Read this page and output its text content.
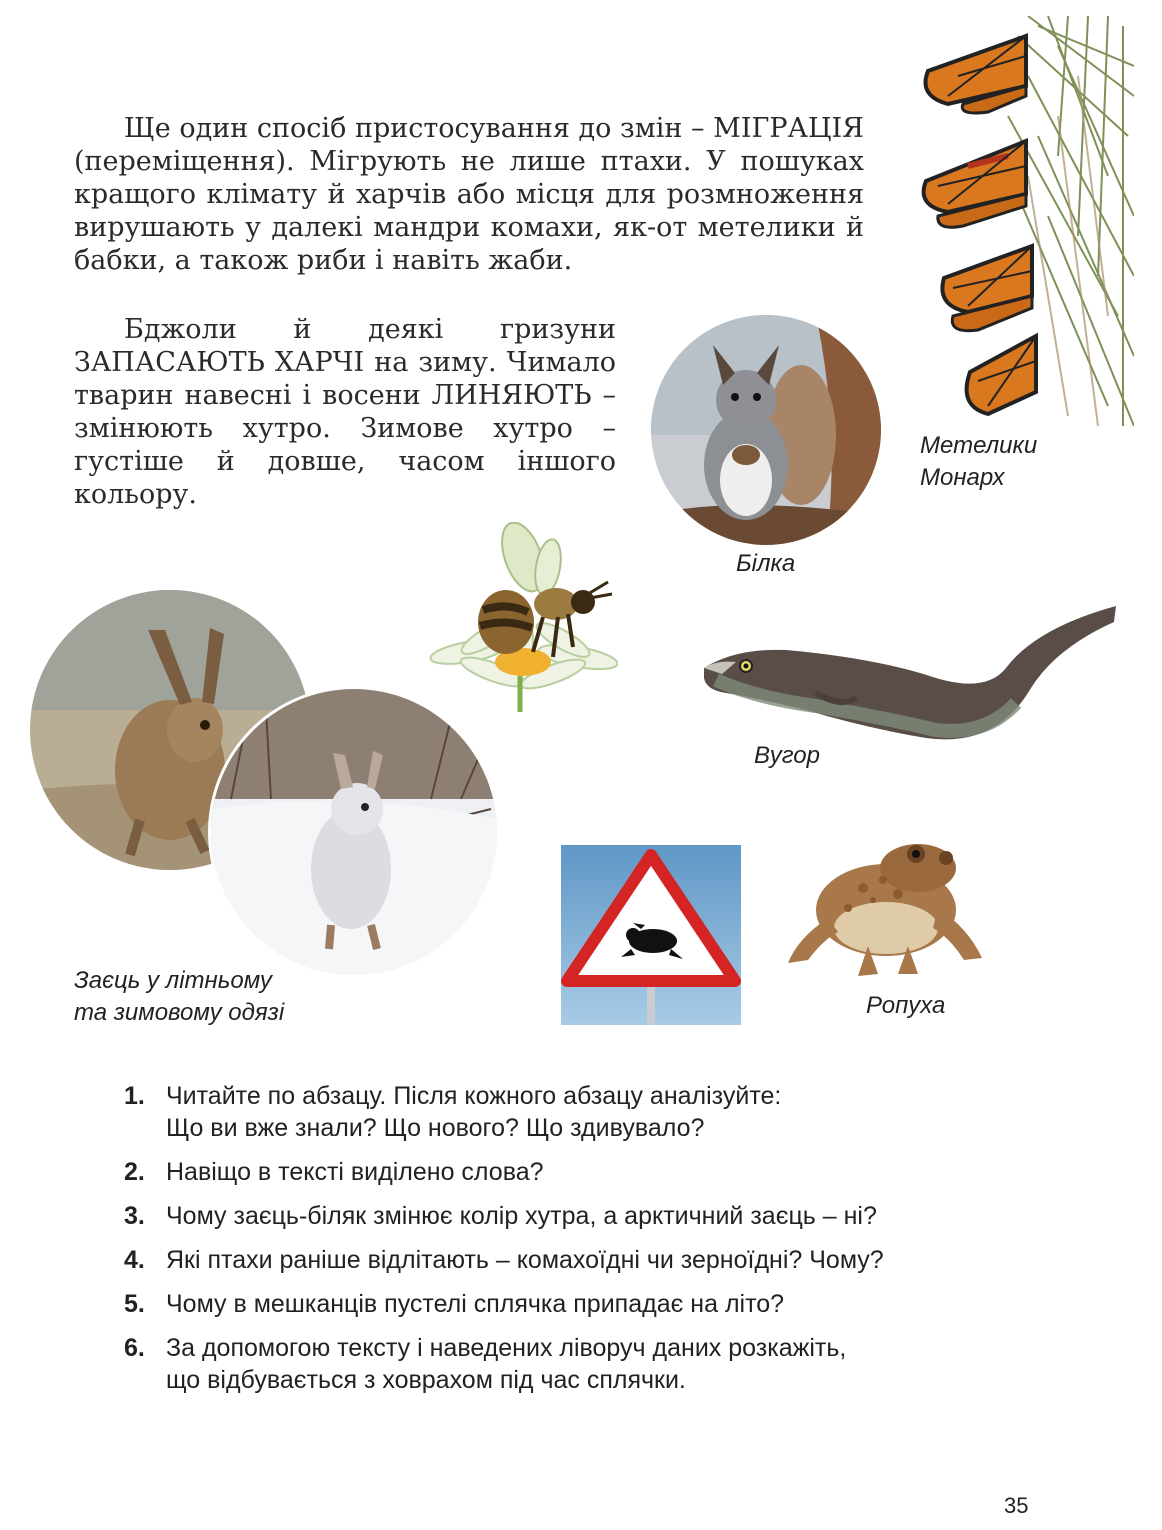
Ще один спосіб пристосування до змін – МІГРАЦІЯ (переміщення). Мігрують не лише птахи. У пошуках кращого клімату й харчів або місця для розмноження вирушають у далекі мандри комахи, як-от метелики й бабки, а також риби і навіть жаби.
Бджоли й деякі гризуни ЗАПАСАЮТЬ ХАРЧІ на зиму. Чимало тварин навесні і восени ЛИНЯЮТЬ – змінюють хутро. Зимове хутро – густіше й довше, часом іншого кольору.
Метелики
Монарх
Білка
Вугор
Заєць у літньому
та зимовому одязі	Ропуха
1. Читайте по абзацу. Після кожного абзацу аналізуйте:
Що ви вже знали? Що нового? Що здивувало?
2. Навіщо в тексті виділено слова?
3. Чому заєць-біляк змінює колір хутра, а арктичний заєць – ні?
4. Які птахи раніше відлітають – комахоїдні чи зерноїдні? Чому?
5. Чому в мешканців пустелі сплячка припадає на літо?
6. За допомогою тексту і наведених ліворуч даних розкажіть,
що відбувається з ховрахом під час сплячки.
35
